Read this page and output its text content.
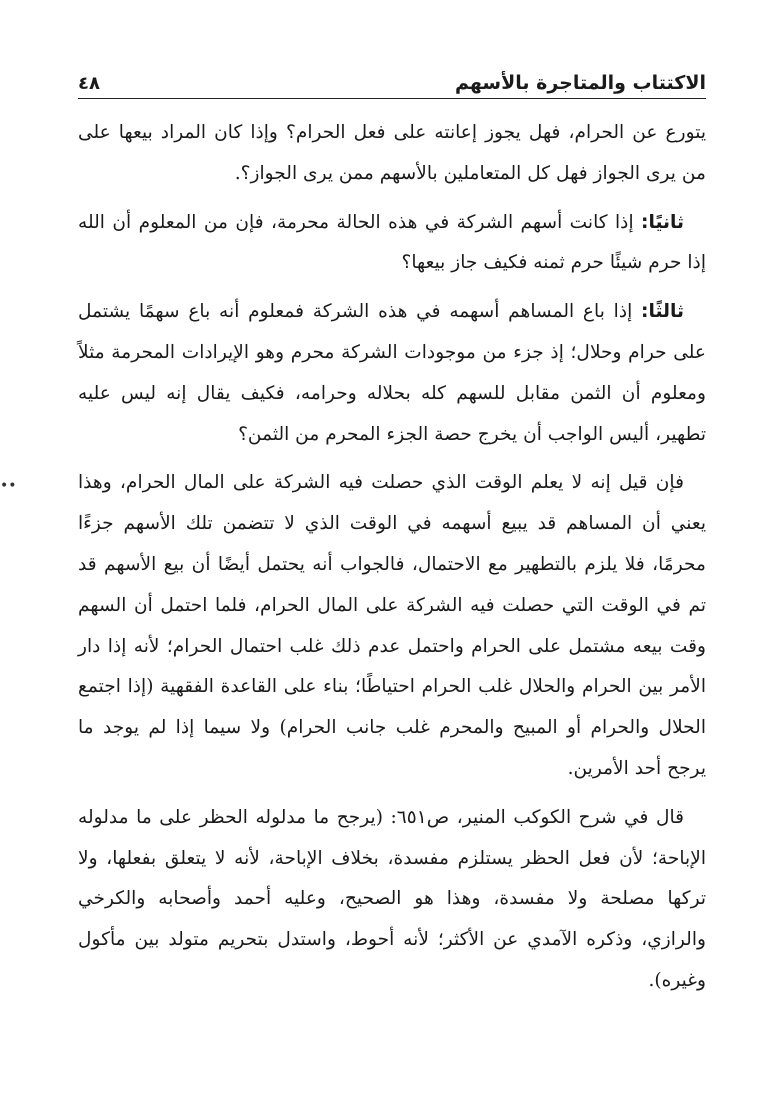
الاكتتاب والمتاجرة بالأسهم
٤٨

يتورع عن الحرام، فهل يجوز إعانته على فعل الحرام؟ وإذا كان المراد بيعها على من يرى الجواز فهل كل المتعاملين بالأسهم ممن يرى الجواز؟.

ثانيًا: إذا كانت أسهم الشركة في هذه الحالة محرمة، فإن من المعلوم أن الله إذا حرم شيئًا حرم ثمنه فكيف جاز بيعها؟

ثالثًا: إذا باع المساهم أسهمه في هذه الشركة فمعلوم أنه باع سهمًا يشتمل على حرام وحلال؛ إذ جزء من موجودات الشركة محرم وهو الإيرادات المحرمة مثلاً ومعلوم أن الثمن مقابل للسهم كله بحلاله وحرامه، فكيف يقال إنه ليس عليه تطهير، أليس الواجب أن يخرج حصة الجزء المحرم من الثمن؟

فإن قيل إنه لا يعلم الوقت الذي حصلت فيه الشركة على المال الحرام، وهذا يعني أن المساهم قد يبيع أسهمه في الوقت الذي لا تتضمن تلك الأسهم جزءًا محرمًا، فلا يلزم بالتطهير مع الاحتمال، فالجواب أنه يحتمل أيضًا أن بيع الأسهم قد تم في الوقت التي حصلت فيه الشركة على المال الحرام، فلما احتمل أن السهم وقت بيعه مشتمل على الحرام واحتمل عدم ذلك غلب احتمال الحرام؛ لأنه إذا دار الأمر بين الحرام والحلال غلب الحرام احتياطًا؛ بناء على القاعدة الفقهية (إذا اجتمع الحلال والحرام أو المبيح والمحرم غلب جانب الحرام) ولا سيما إذا لم يوجد ما يرجح أحد الأمرين.

قال في شرح الكوكب المنير، ص٦٥١: (يرجح ما مدلوله الحظر على ما مدلوله الإباحة؛ لأن فعل الحظر يستلزم مفسدة، بخلاف الإباحة، لأنه لا يتعلق بفعلها، ولا تركها مصلحة ولا مفسدة، وهذا هو الصحيح، وعليه أحمد وأصحابه والكرخي والرازي، وذكره الآمدي عن الأكثر؛ لأنه أحوط، واستدل بتحريم متولد بين مأكول وغيره).

••
